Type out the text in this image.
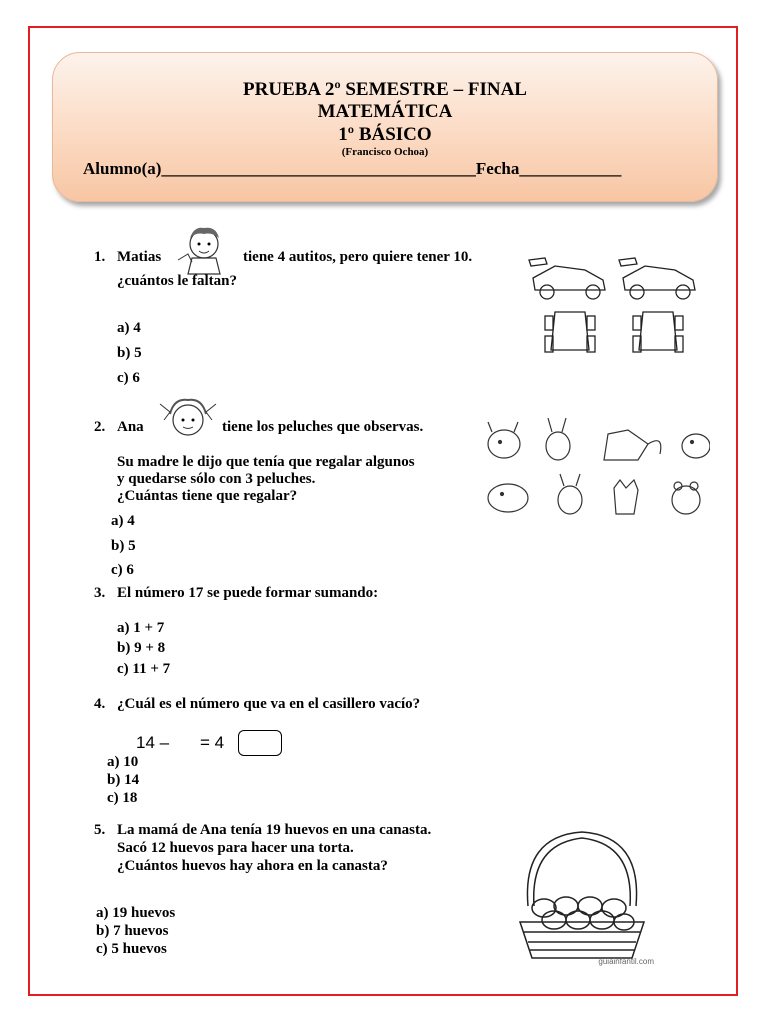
PRUEBA 2º SEMESTRE – FINAL
MATEMÁTICA
1º BÁSICO
(Francisco Ochoa)
Alumno(a)_____________________________________Fecha____________
1. Matias	tiene 4 autitos, pero quiere tener 10.
¿cuántos le faltan?
a) 4
b) 5
c) 6
2. Ana	tiene los peluches que observas.
Su madre le dijo que tenía que regalar algunos
y quedarse sólo con 3 peluches.
¿Cuántas tiene que regalar?
a) 4
b) 5
c) 6
3. El número 17 se puede formar sumando:
a) 1 + 7
b) 9 + 8
c) 11 + 7
4. ¿Cuál es el número que va en el casillero vacío?
14 – = 4
a) 10
b) 14
c) 18
5. La mamá de Ana tenía 19 huevos en una canasta.
Sacó 12 huevos para hacer una torta.
¿Cuántos huevos hay ahora en la canasta?
a) 19 huevos
b) 7 huevos
c) 5 huevos
guiainfantil.com
